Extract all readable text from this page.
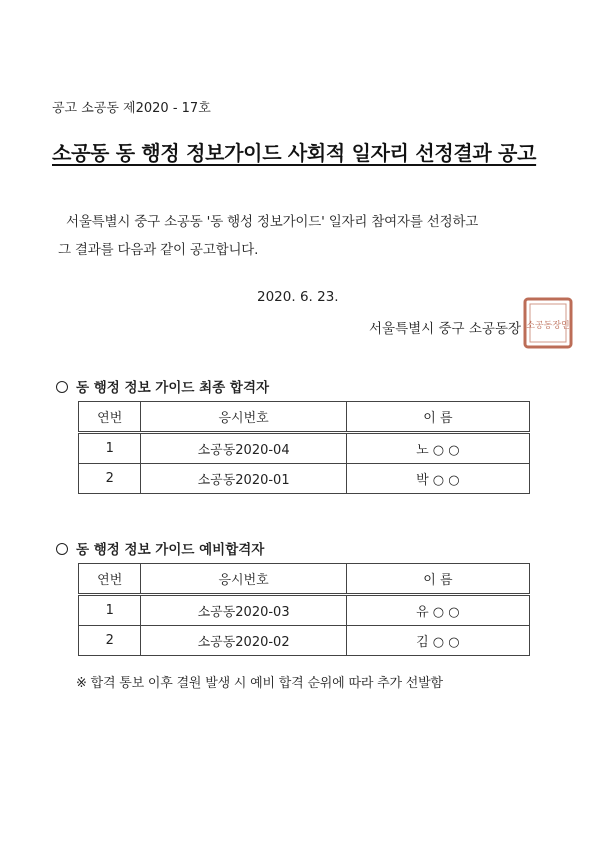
공고 소공동 제2020 - 17호
소공동 동 행정 정보가이드 사회적 일자리 선정결과 공고
서울특별시 중구 소공동 '동 행성 정보가이드' 일자리 참여자를 선정하고
그 결과를 다음과 같이 공고합니다.
2020. 6. 23.
서울특별시 중구 소공동장 소공동장인
동 행정 정보 가이드 최종 합격자
연번	응시번호	이 름
1	소공동2020-04	노 ○ ○
2	소공동2020-01	박 ○ ○
동 행정 정보 가이드 예비합격자
연번	응시번호	이 름
1	소공동2020-03	유 ○ ○
2	소공동2020-02	김 ○ ○
※ 합격 통보 이후 결원 발생 시 예비 합격 순위에 따라 추가 선발함
